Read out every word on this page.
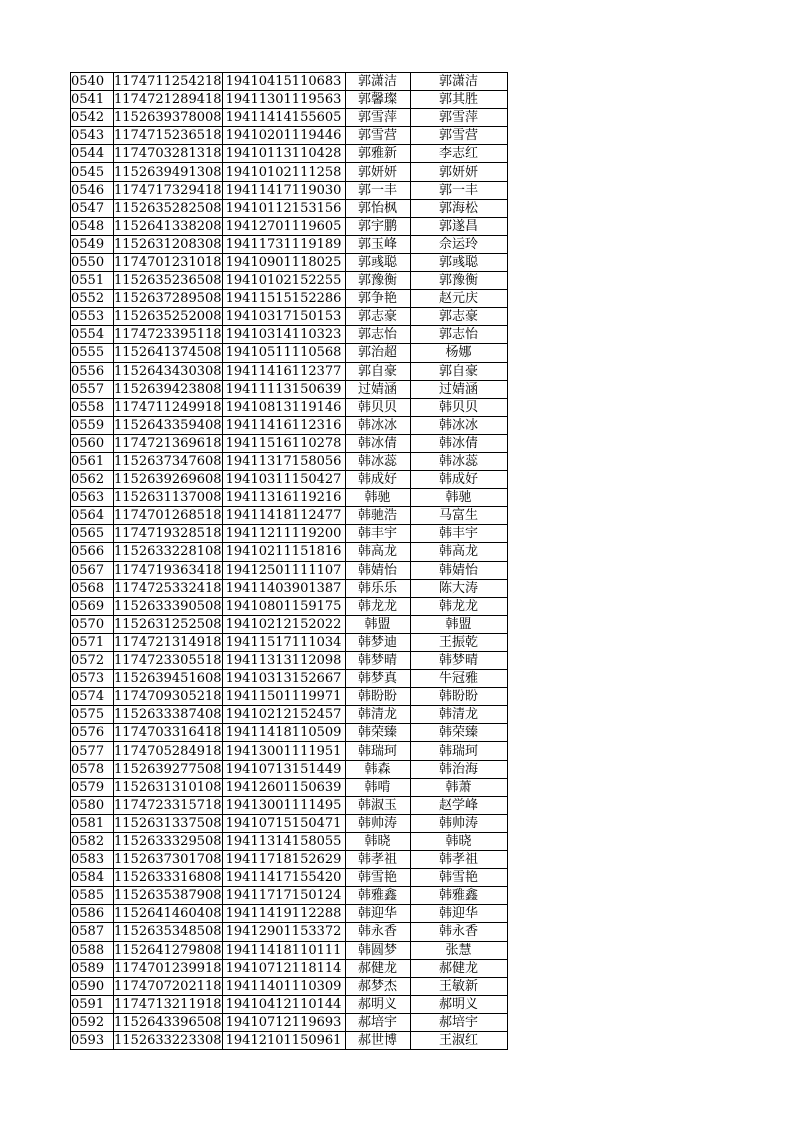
0540	1174711254218	19410415110683	郭潇洁	郭潇洁
0541	1174721289418	19411301119563	郭馨璨	郭其胜
0542	1152639378008	19411414155605	郭雪萍	郭雪萍
0543	1174715236518	19410201119446	郭雪营	郭雪营
0544	1174703281318	19410113110428	郭雅新	李志红
0545	1152639491308	19410102111258	郭妍妍	郭妍妍
0546	1174717329418	19411417119030	郭一丰	郭一丰
0547	1152635282508	19410112153156	郭怡枫	郭海松
0548	1152641338208	19412701119605	郭宇鹏	郭遂昌
0549	1152631208308	19411731119189	郭玉峰	佘运玲
0550	1174701231018	19410901118025	郭彧聪	郭彧聪
0551	1152635236508	19410102152255	郭豫衡	郭豫衡
0552	1152637289508	19411515152286	郭争艳	赵元庆
0553	1152635252008	19410317150153	郭志豪	郭志豪
0554	1174723395118	19410314110323	郭志怡	郭志怡
0555	1152641374508	19410511110568	郭治超	杨娜
0556	1152643430308	19411416112377	郭自豪	郭自豪
0557	1152639423808	19411113150639	过婧涵	过婧涵
0558	1174711249918	19410813119146	韩贝贝	韩贝贝
0559	1152643359408	19411416112316	韩冰冰	韩冰冰
0560	1174721369618	19411516110278	韩冰倩	韩冰倩
0561	1152637347608	19411317158056	韩冰蕊	韩冰蕊
0562	1152639269608	19410311150427	韩成好	韩成好
0563	1152631137008	19411316119216	韩驰	韩驰
0564	1174701268518	19411418112477	韩驰浩	马富生
0565	1174719328518	19411211119200	韩丰宇	韩丰宇
0566	1152633228108	19410211151816	韩高龙	韩高龙
0567	1174719363418	19412501111107	韩婧怡	韩婧怡
0568	1174725332418	19411403901387	韩乐乐	陈大涛
0569	1152633390508	19410801159175	韩龙龙	韩龙龙
0570	1152631252508	19410212152022	韩盟	韩盟
0571	1174721314918	19411517111034	韩梦迪	王振乾
0572	1174723305518	19411313112098	韩梦晴	韩梦晴
0573	1152639451608	19410313152667	韩梦真	牛冠雅
0574	1174709305218	19411501119971	韩盼盼	韩盼盼
0575	1152633387408	19410212152457	韩清龙	韩清龙
0576	1174703316418	19411418110509	韩荣臻	韩荣臻
0577	1174705284918	19413001111951	韩瑞珂	韩瑞珂
0578	1152639277508	19410713151449	韩森	韩治海
0579	1152631310108	19412601150639	韩啃	韩萧
0580	1174723315718	19413001111495	韩淑玉	赵学峰
0581	1152631337508	19410715150471	韩帅涛	韩帅涛
0582	1152633329508	19411314158055	韩晓	韩晓
0583	1152637301708	19411718152629	韩孝祖	韩孝祖
0584	1152633316808	19411417155420	韩雪艳	韩雪艳
0585	1152635387908	19411717150124	韩雅鑫	韩雅鑫
0586	1152641460408	19411419112288	韩迎华	韩迎华
0587	1152635348508	19412901153372	韩永香	韩永香
0588	1152641279808	19411418110111	韩圆梦	张慧
0589	1174701239918	19410712118114	郝健龙	郝健龙
0590	1174707202118	19411401110309	郝梦杰	王敏新
0591	1174713211918	19410412110144	郝明义	郝明义
0592	1152643396508	19410712119693	郝培宇	郝培宇
0593	1152633223308	19412101150961	郝世博	王淑红
